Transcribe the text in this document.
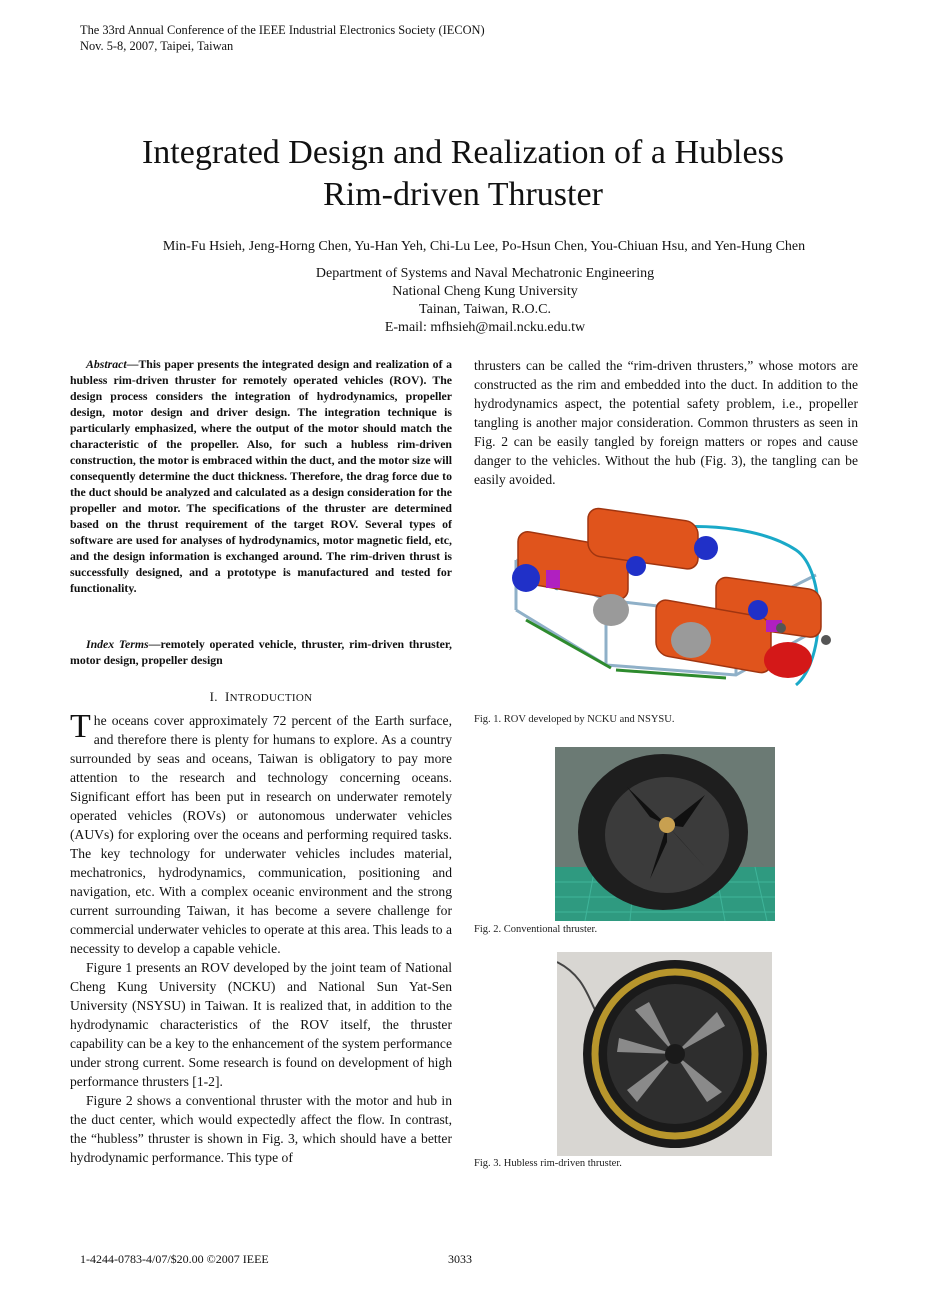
The 33rd Annual Conference of the IEEE Industrial Electronics Society (IECON)
Nov. 5-8, 2007, Taipei, Taiwan
Integrated Design and Realization of a Hubless
Rim-driven Thruster
Min-Fu Hsieh, Jeng-Horng Chen, Yu-Han Yeh, Chi-Lu Lee, Po-Hsun Chen, You-Chiuan Hsu, and Yen-Hung Chen
Department of Systems and Naval Mechatronic Engineering
National Cheng Kung University
Tainan, Taiwan, R.O.C.
E-mail: mfhsieh@mail.ncku.edu.tw

Abstract—This paper presents the integrated design and realization of a hubless rim-driven thruster for remotely operated vehicles (ROV). The design process considers the integration of hydrodynamics, propeller design, motor design and driver design. The integration technique is particularly emphasized, where the output of the motor should match the characteristic of the propeller. Also, for such a hubless rim-driven construction, the motor is embraced within the duct, and the motor size will consequently determine the duct thickness. Therefore, the drag force due to the duct should be analyzed and calculated as a design consideration for the propeller and motor. The specifications of the thruster are determined based on the thrust requirement of the target ROV. Several types of software are used for analyses of hydrodynamics, motor magnetic field, etc, and the design information is exchanged around. The rim-driven thrust is successfully designed, and a prototype is manufactured and tested for functionality.

Index Terms—remotely operated vehicle, thruster, rim-driven thruster, motor design, propeller design
I. INTRODUCTION

The oceans cover approximately 72 percent of the Earth surface, and therefore there is plenty for humans to explore. As a country surrounded by seas and oceans, Taiwan is obligatory to pay more attention to the research and technology concerning oceans. Significant effort has been put in research on underwater remotely operated vehicles (ROVs) or autonomous underwater vehicles (AUVs) for exploring over the oceans and performing required tasks. The key technology for underwater vehicles includes material, mechatronics, hydrodynamics, communication, positioning and navigation, etc. With a complex oceanic environment and the strong current surrounding Taiwan, it has become a severe challenge for commercial underwater vehicles to operate at this area. This leads to a necessity to develop a capable vehicle.

Figure 1 presents an ROV developed by the joint team of National Cheng Kung University (NCKU) and National Sun Yat-Sen University (NSYSU) in Taiwan. It is realized that, in addition to the hydrodynamic characteristics of the ROV itself, the thruster capability can be a key to the enhancement of the system performance under strong current. Some research is found on development of high performance thrusters [1-2].

Figure 2 shows a conventional thruster with the motor and hub in the duct center, which would expectedly affect the flow. In contrast, the “hubless” thruster is shown in Fig. 3, which should have a better hydrodynamic performance. This type of

thrusters can be called the “rim-driven thrusters,” whose motors are constructed as the rim and embedded into the duct. In addition to the hydrodynamics aspect, the potential safety problem, i.e., propeller tangling is another major consideration. Common thrusters as seen in Fig. 2 can be easily tangled by foreign matters or ropes and cause danger to the vehicles. Without the hub (Fig. 3), the tangling can be easily avoided.

Fig. 1. ROV developed by NCKU and NSYSU.
Fig. 2. Conventional thruster.
Fig. 3. Hubless rim-driven thruster.
1-4244-0783-4/07/$20.00 ©2007 IEEE	3033
